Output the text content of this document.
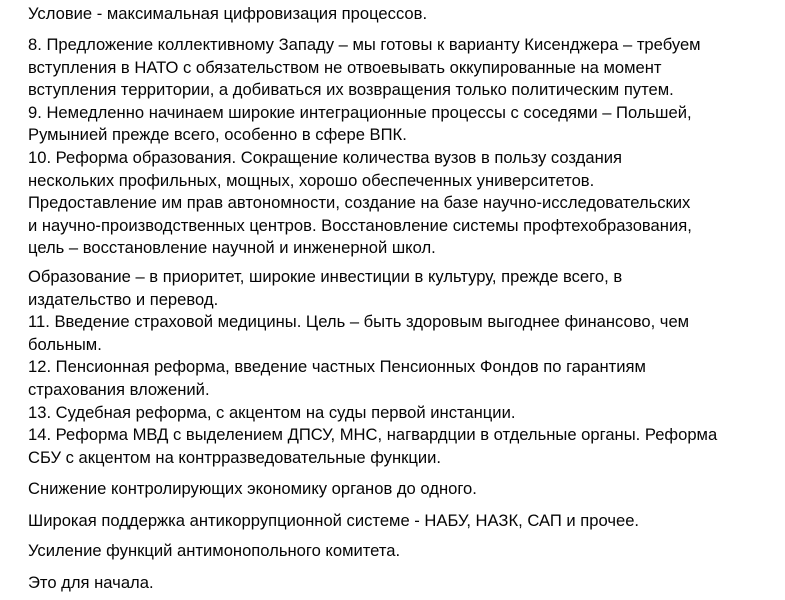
Условие - максимальная цифровизация процессов.

8. Предложение коллективному Западу – мы готовы к варианту Кисенджера – требуем
вступления в НАТО с обязательством не отвоевывать оккупированные на момент
вступления территории, а добиваться их возвращения только политическим путем.
9. Немедленно начинаем широкие интеграционные процессы с соседями – Польшей,
Румынией прежде всего, особенно в сфере ВПК.
10. Реформа образования. Сокращение количества вузов в пользу создания
нескольких профильных, мощных, хорошо обеспеченных университетов.
Предоставление им прав автономности, создание на базе научно-исследовательских
и научно-производственных центров. Восстановление системы профтехобразования,
цель – восстановление научной и инженерной школ.

Образование – в приоритет, широкие инвестиции в культуру, прежде всего, в
издательство и перевод.
11. Введение страховой медицины. Цель – быть здоровым выгоднее финансово, чем
больным.
12. Пенсионная реформа, введение частных Пенсионных Фондов по гарантиям
страхования вложений.
13. Судебная реформа, с акцентом на суды первой инстанции.
14. Реформа МВД с выделением ДПСУ, МНС, нагвардции в отдельные органы. Реформа
СБУ с акцентом на контрразведовательные функции.

Снижение контролирующих экономику органов до одного.

Широкая поддержка антикоррупционной системе - НАБУ, НАЗК, САП и прочее.

Усиление функций антимонопольного комитета.

Это для начала.
